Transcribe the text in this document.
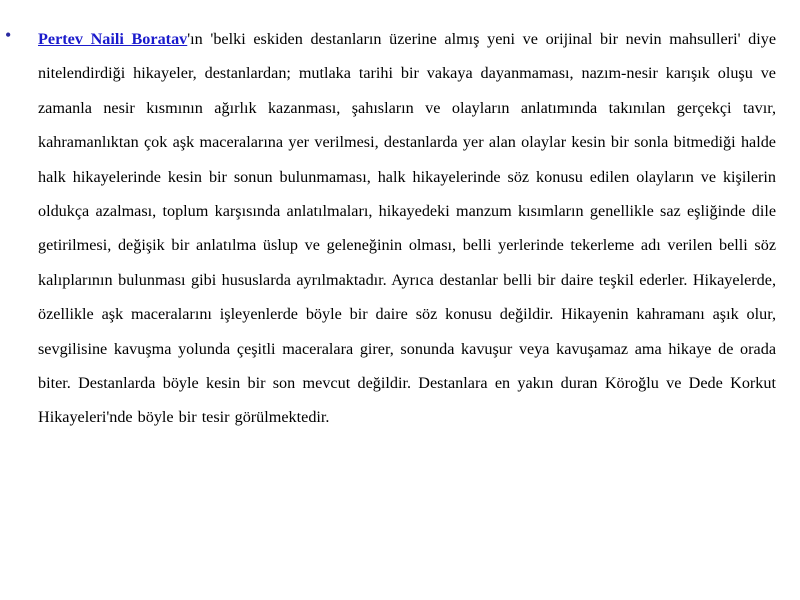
• Pertev Naili Boratav'ın 'belki eskiden destanların üzerine almış yeni ve orijinal bir nevin mahsulleri' diye nitelendirdiği hikayeler, destanlardan; mutlaka tarihi bir vakaya dayanmaması, nazım-nesir karışık oluşu ve zamanla nesir kısmının ağırlık kazanması, şahısların ve olayların anlatımında takınılan gerçekçi tavır, kahramanlıktan çok aşk maceralarına yer verilmesi, destanlarda yer alan olaylar kesin bir sonla bitmediği halde halk hikayelerinde kesin bir sonun bulunmaması, halk hikayelerinde söz konusu edilen olayların ve kişilerin oldukça azalması, toplum karşısında anlatılmaları, hikayedeki manzum kısımların genellikle saz eşliğinde dile getirilmesi, değişik bir anlatılma üslup ve geleneğinin olması, belli yerlerinde tekerleme adı verilen belli söz kalıplarının bulunması gibi hususlarda ayrılmaktadır. Ayrıca destanlar belli bir daire teşkil ederler. Hikayelerde, özellikle aşk maceralarını işleyenlerde böyle bir daire söz konusu değildir. Hikayenin kahramanı aşık olur, sevgilisine kavuşma yolunda çeşitli maceralara girer, sonunda kavuşur veya kavuşamaz ama hikaye de orada biter. Destanlarda böyle kesin bir son mevcut değildir. Destanlara en yakın duran Köroğlu ve Dede Korkut Hikayeleri'nde böyle bir tesir görülmektedir.
